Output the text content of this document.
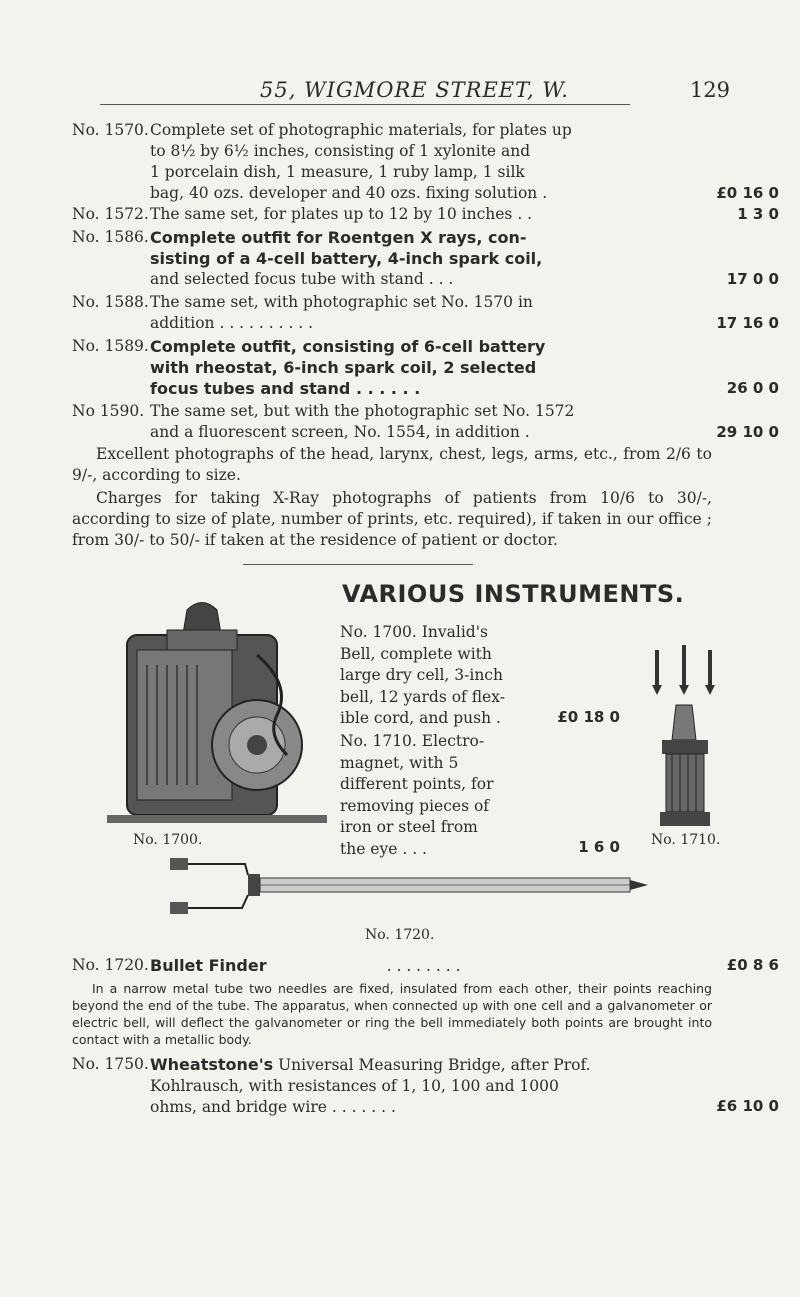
55, WIGMORE STREET, W.	129
No. 1570. Complete set of photographic materials, for plates up
to 8½ by 6½ inches, consisting of 1 xylonite and
1 porcelain dish, 1 measure, 1 ruby lamp, 1 silk
bag, 40 ozs. developer and 40 ozs. fixing solution .	£0 16 0
No. 1572. The same set, for plates up to 12 by 10 inches . .	1 3 0
No. 1586. Complete outfit for Roentgen X rays, con-
sisting of a 4-cell battery, 4-inch spark coil,
and selected focus tube with stand . . .	17 0 0
No. 1588. The same set, with photographic set No. 1570 in
addition . . . . . . . . . .	17 16 0
No. 1589. Complete outfit, consisting of 6-cell battery
with rheostat, 6-inch spark coil, 2 selected
focus tubes and stand . . . . . .	26 0 0
No 1590. The same set, but with the photographic set No. 1572
and a fluorescent screen, No. 1554, in addition .	29 10 0

Excellent photographs of the head, larynx, chest, legs, arms, etc., from 2/6 to 9/-, according to size.

Charges for taking X-Ray photographs of patients from 10/6 to 30/-, according to size of plate, number of prints, etc. required), if taken in our office ; from 30/- to 50/- if taken at the residence of patient or doctor.

VARIOUS INSTRUMENTS.
No. 1700.
No. 1700. Invalid's
Bell, complete with
large dry cell, 3-inch
bell, 12 yards of flex-
ible cord, and push .	£0 18 0
No. 1710. Electro-
magnet, with 5
different points, for
removing pieces of
iron or steel from
the eye . . .	1 6 0 No. 1710.
No. 1720.
No. 1720. Bullet Finder	. . . . . . . .	£0 8 6

In a narrow metal tube two needles are fixed, insulated from each other, their points reaching beyond the end of the tube. The apparatus, when connected up with one cell and a galvanometer or electric bell, will deflect the galvanometer or ring the bell immediately both points are brought into contact with a metallic body.

No. 1750. Wheatstone's Universal Measuring Bridge, after Prof.
Kohlrausch, with resistances of 1, 10, 100 and 1000
ohms, and bridge wire . . . . . . .	£6 10 0
